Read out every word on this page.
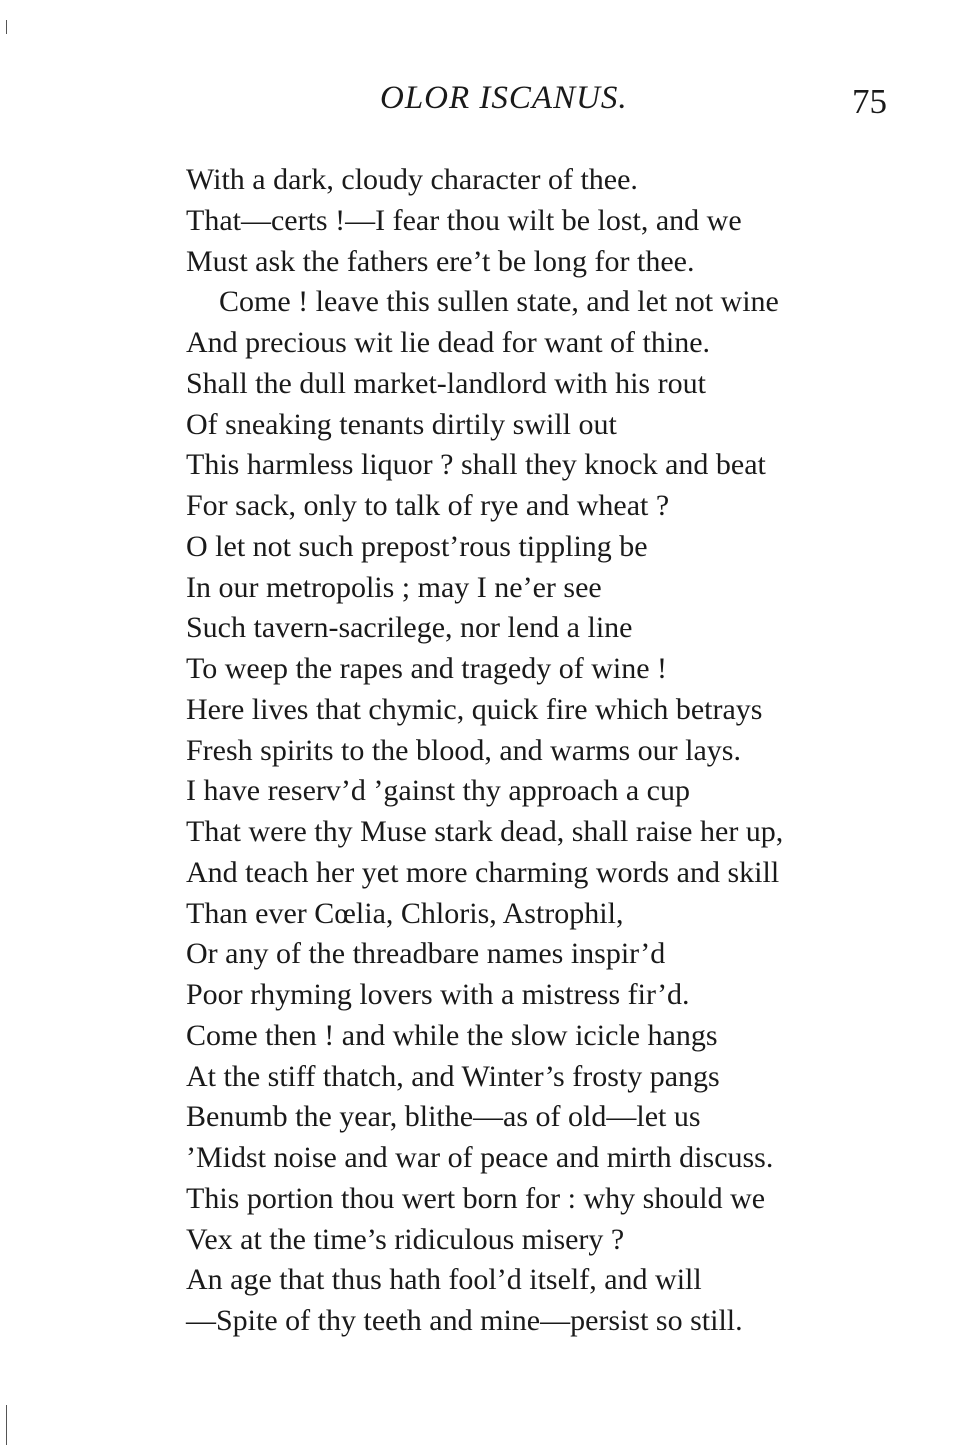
OLOR ISCANUS.	75
With a dark, cloudy character of thee.
That—certs !—I fear thou wilt be lost, and we
Must ask the fathers ere’t be long for thee.
Come ! leave this sullen state, and let not wine
And precious wit lie dead for want of thine.
Shall the dull market-landlord with his rout
Of sneaking tenants dirtily swill out
This harmless liquor ? shall they knock and beat
For sack, only to talk of rye and wheat ?
O let not such prepost’rous tippling be
In our metropolis ; may I ne’er see
Such tavern-sacrilege, nor lend a line
To weep the rapes and tragedy of wine !
Here lives that chymic, quick fire which betrays
Fresh spirits to the blood, and warms our lays.
I have reserv’d ’gainst thy approach a cup
That were thy Muse stark dead, shall raise her up,
And teach her yet more charming words and skill
Than ever Cœlia, Chloris, Astrophil,
Or any of the threadbare names inspir’d
Poor rhyming lovers with a mistress fir’d.
Come then ! and while the slow icicle hangs
At the stiff thatch, and Winter’s frosty pangs
Benumb the year, blithe—as of old—let us
’Midst noise and war of peace and mirth discuss.
This portion thou wert born for : why should we
Vex at the time’s ridiculous misery ?
An age that thus hath fool’d itself, and will
—Spite of thy teeth and mine—persist so still.
